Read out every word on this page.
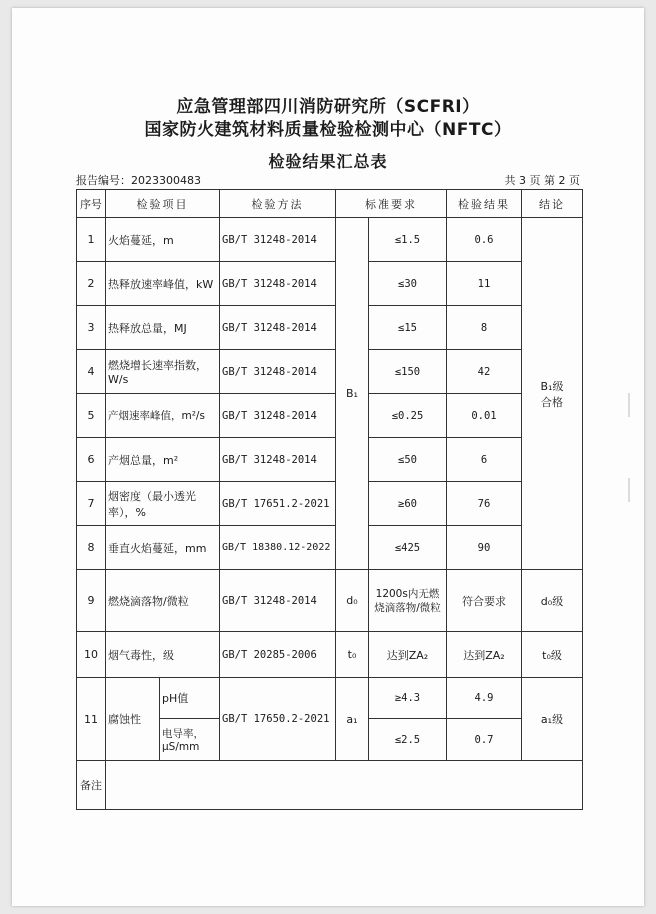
应急管理部四川消防研究所（SCFRI）
国家防火建筑材料质量检验检测中心（NFTC）
检验结果汇总表
报告编号：2023300483	共 3 页 第 2 页
序号	检验项目		检验方法	标准要求		检验结果	结论
1	火焰蔓延，m		GB/T 31248-2014	B₁	≤1.5	0.6	B₁级合格
2	热释放速率峰值，kW		GB/T 31248-2014		≤30	11	
3	热释放总量，MJ		GB/T 31248-2014		≤15	8	
4	燃烧增长速率指数，W/s		GB/T 31248-2014		≤150	42	
5	产烟速率峰值，m²/s		GB/T 31248-2014		≤0.25	0.01	
6	产烟总量，m²		GB/T 31248-2014		≤50	6	
7	烟密度（最小透光率），%		GB/T 17651.2-2021		≥60	76	
8	垂直火焰蔓延，mm		GB/T 18380.12-2022		≤425	90	
9	燃烧滴落物/微粒		GB/T 31248-2014	d₀	1200s内无燃烧滴落物/微粒	符合要求	d₀级
10	烟气毒性，级		GB/T 20285-2006	t₀	达到ZA₂	达到ZA₂	t₀级
11	腐蚀性	pH值	GB/T 17650.2-2021	a₁	≥4.3	4.9	a₁级
		电导率，μS/mm			≤2.5	0.7	
备注							
